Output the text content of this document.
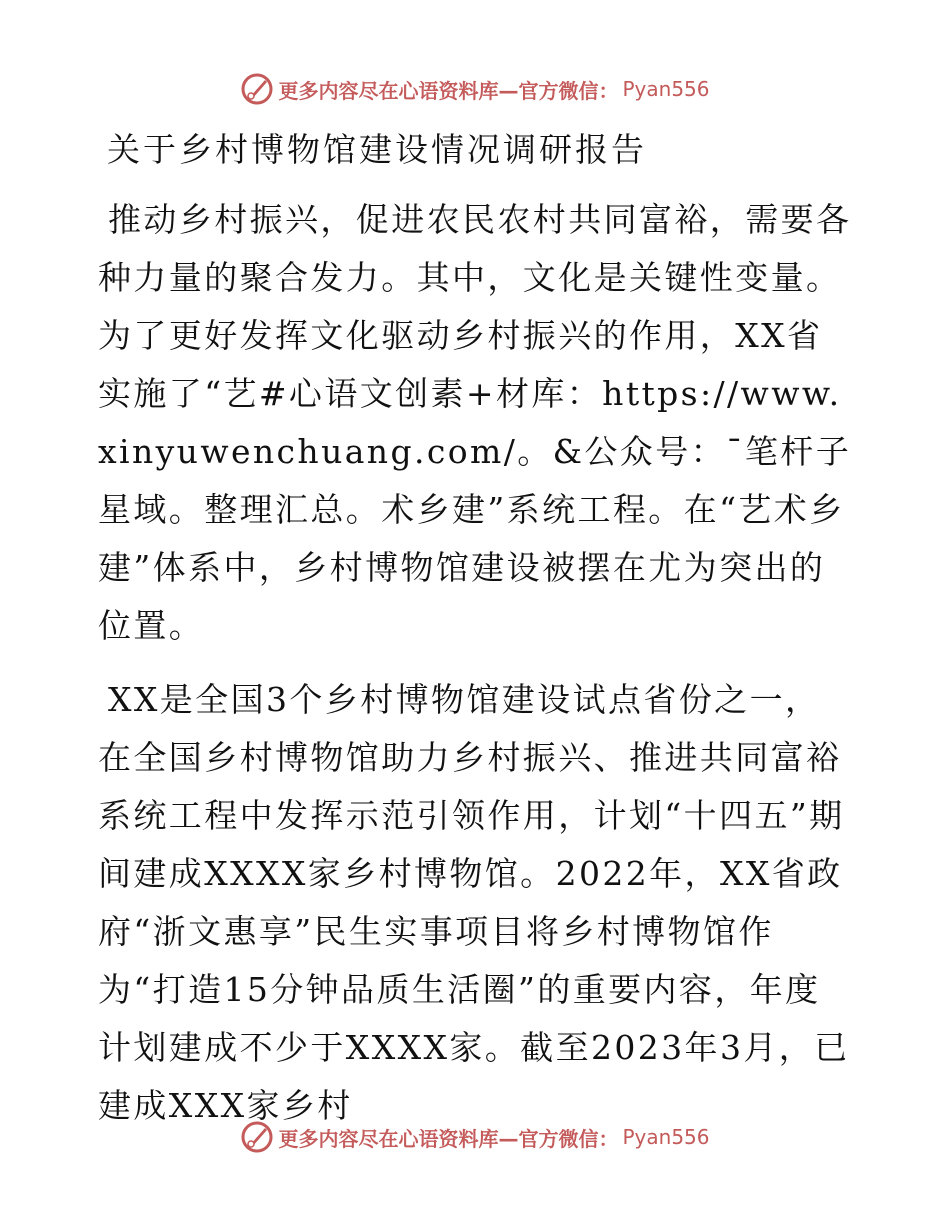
更多内容尽在心语资料库—官方微信： Pyan556
关于乡村博物馆建设情况调研报告

推动乡村振兴，促进农民农村共同富裕，需要各种力量的聚合发力。其中，文化是关键性变量。为了更好发挥文化驱动乡村振兴的作用，XX省实施了“艺#心语文创素+材库：https://www.xinyuwenchuang.com/。&公众号：¯笔杆子星域。整理汇总。术乡建”系统工程。在“艺术乡建”体系中，乡村博物馆建设被摆在尤为突出的位置。

XX是全国3个乡村博物馆建设试点省份之一，在全国乡村博物馆助力乡村振兴、推进共同富裕系统工程中发挥示范引领作用，计划“十四五”期间建成XXXX家乡村博物馆。2022年，XX省政府“浙文惠享”民生实事项目将乡村博物馆作为“打造15分钟品质生活圈”的重要内容，年度计划建成不少于XXXX家。截至2023年3月，已建成XXX家乡村

更多内容尽在心语资料库—官方微信： Pyan556
